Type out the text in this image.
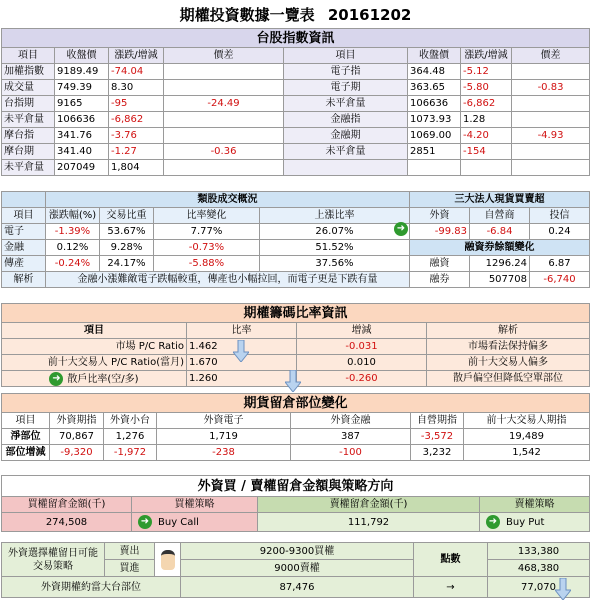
期權投資數據一覽表 20161202
台股指數資訊							
項目	收盤價	漲跌/增減	價差	項目	收盤價	漲跌/增減	價差
加權指數	9189.49	-74.04		電子指	364.48	-5.12	
成交量	749.39	8.30		電子期	363.65	-5.80	-0.83
台指期	9165	-95	-24.49	未平倉量	106636	-6,862	
未平倉量	106636	-6,862		金融指	1073.93	1.28	
摩台指	341.76	-3.76		金融期	1069.00	-4.20	-4.93
摩台期	341.40	-1.27	-0.36	未平倉量	2851	-154	
未平倉量	207049	1,804					
	類股成交概況			
項目	漲跌幅(%)	交易比重	比率變化	上漲比率
電子	-1.39%	53.67%	7.77%	26.07%
金融	0.12%	9.28%	-0.73%	51.52%
傳產	-0.24%	24.17%	-5.88%	37.56%
解析	金融小漲難敵電子跌幅較重，傳產也小幅拉回，而電子更是下跌有量			
三大法人現貨買賣超		
外資	自營商	投信
-99.83	-6.84	0.24
融資券餘額變化		
融資	1296.24	6.87
融券	507708	-6,740
➜
期權籌碼比率資訊			
項目	比率	增減	解析
市場 P/C Ratio	1.462	-0.031	市場看法保持偏多
前十大交易人 P/C Ratio(當月)	1.670	0.010	前十大交易人偏多
➜ 散戶比率(空/多)	1.260	-0.260	散戶偏空但降低空單部位
期貨留倉部位變化						
項目	外資期指	外資小台	外資電子	外資金融	自營期指	前十大交易人期指
淨部位	70,867	1,276	1,719	387	-3,572	19,489
部位增減	-9,320	-1,972	-238	-100	3,232	1,542
外資買 / 賣權留倉金額與策略方向			
買權留倉金額(千)	買權策略	賣權留倉金額(千)	賣權策略
274,508	➜ Buy Call	111,792	➜ Buy Put
外資選擇權留日可能交易策略	賣出		9200-9300買權	點數	133,380
	買進		9000賣權		468,380
外資期權約當大台部位			87,476	→	77,070
